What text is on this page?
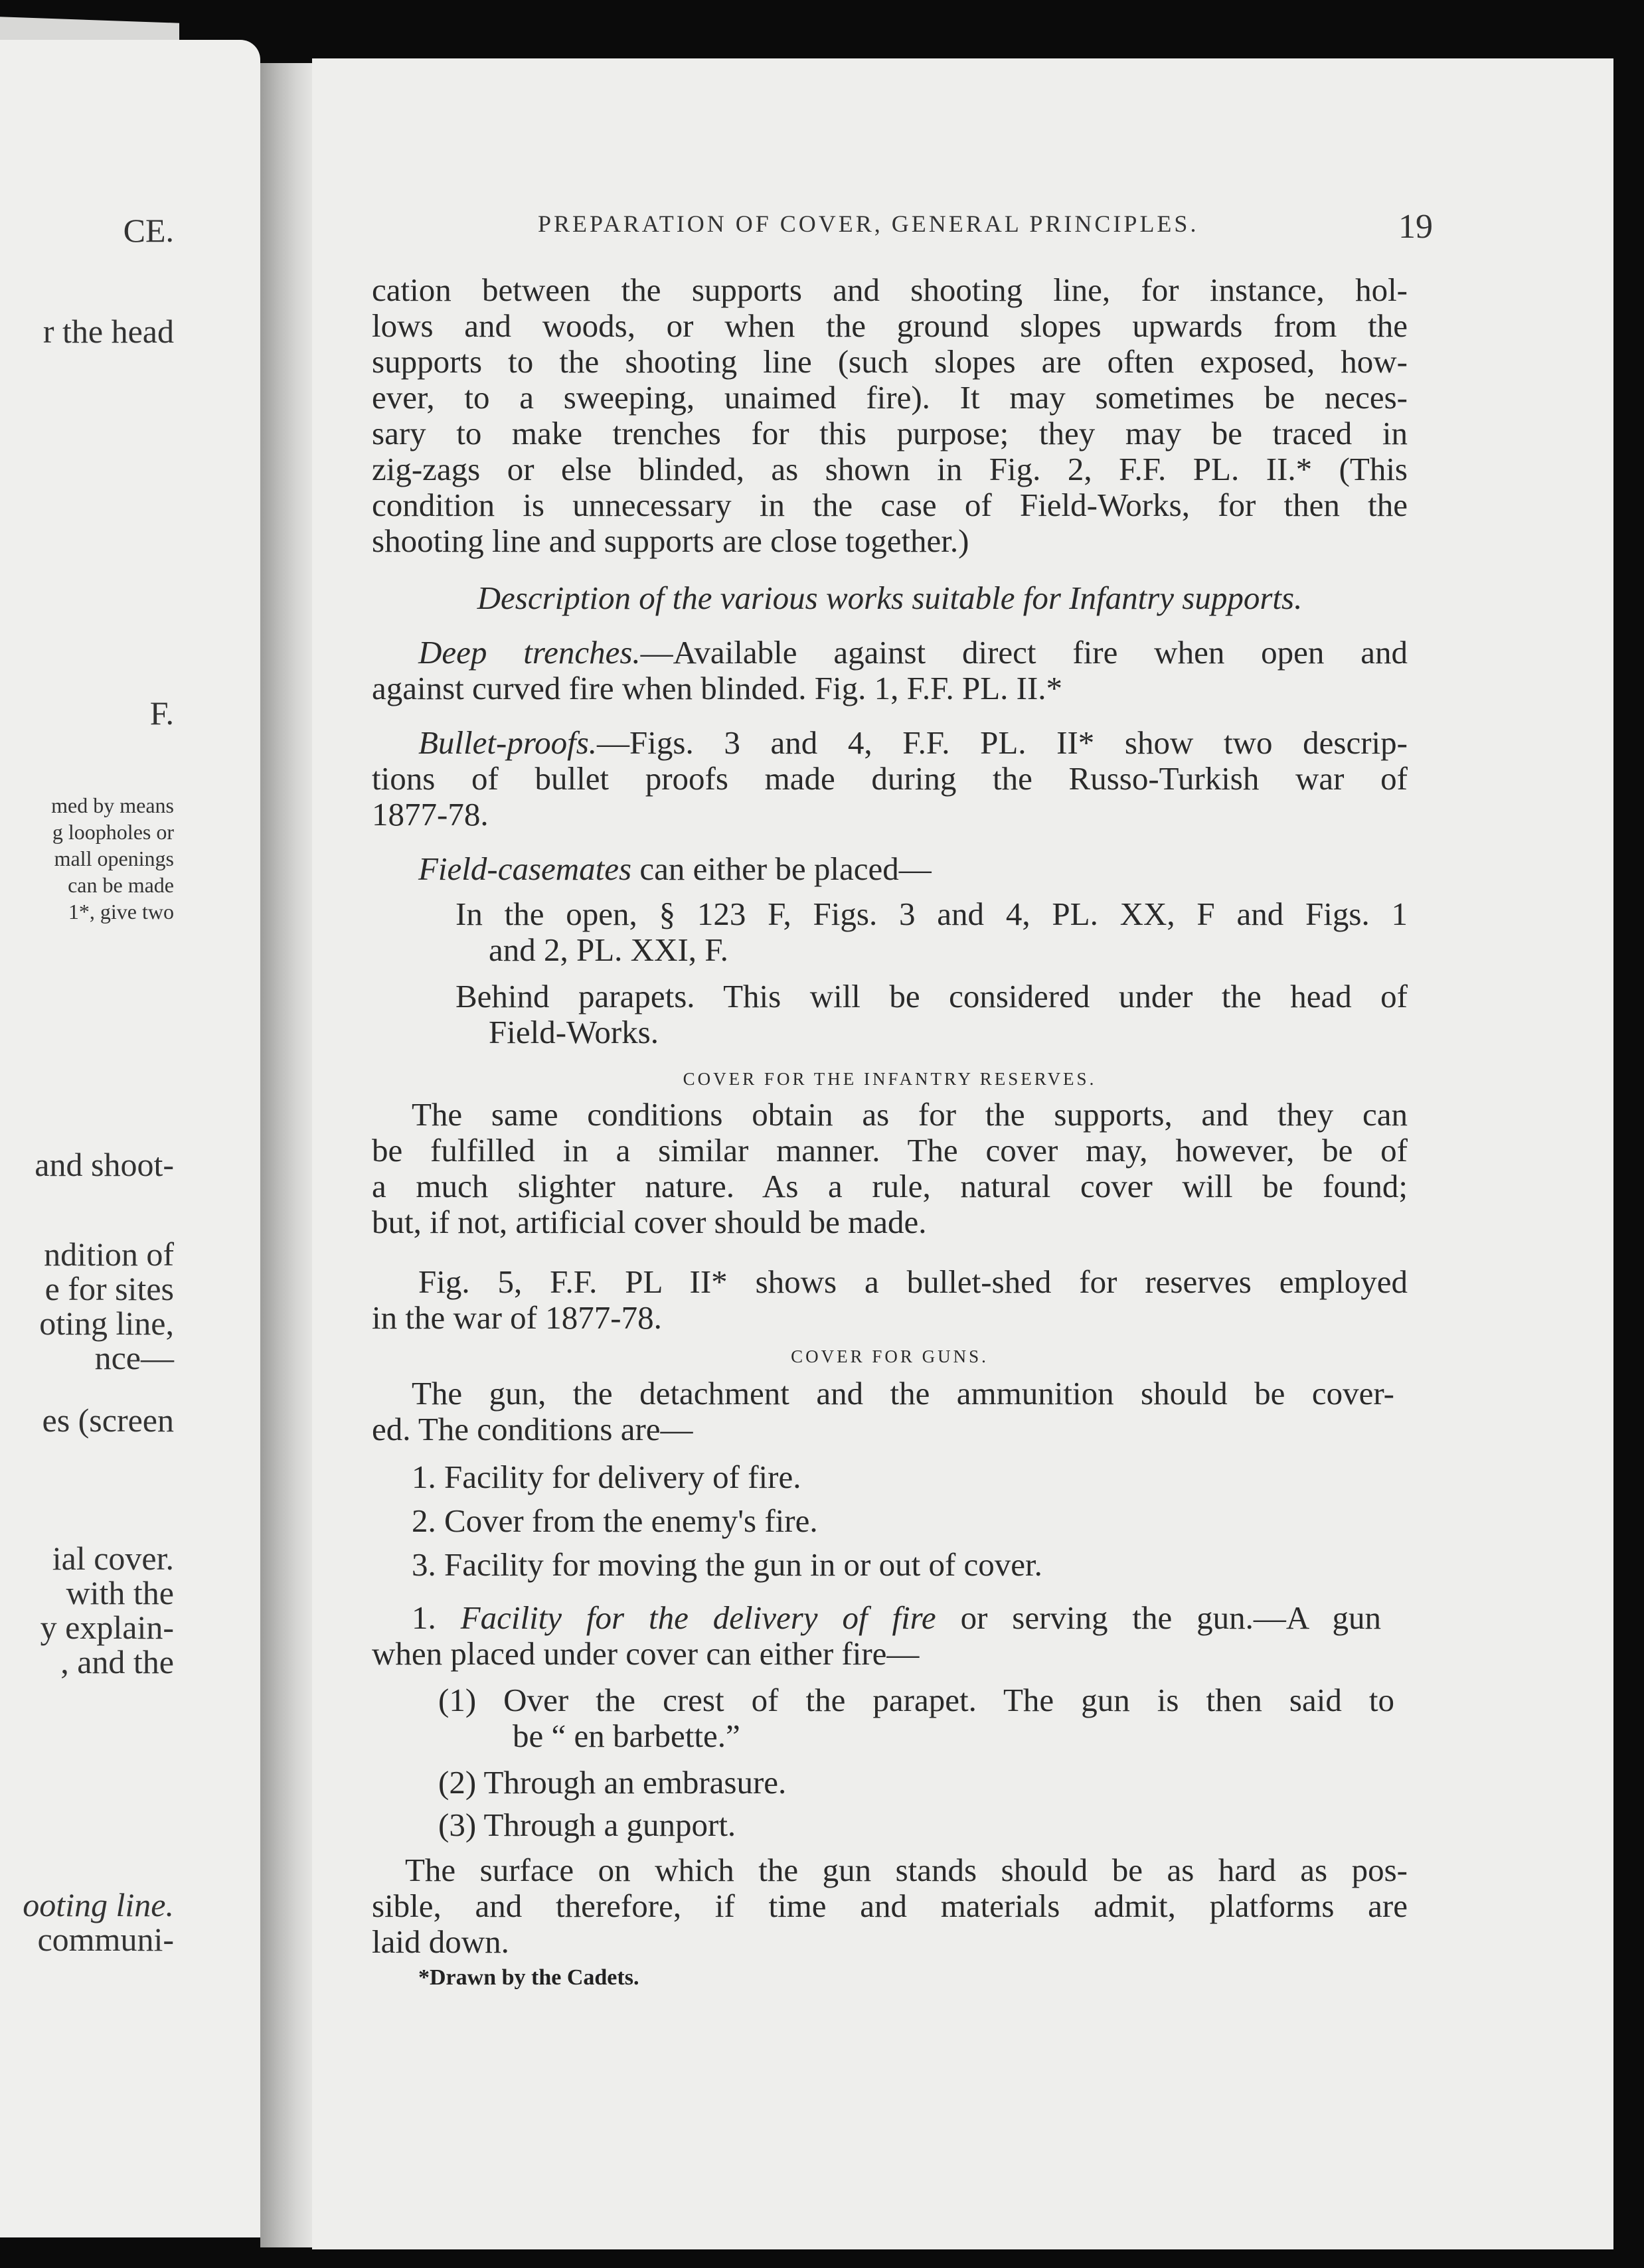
CE.
r the head
F.
med by means
g loopholes or
mall openings
can be made
1*, give two
and shoot-
ndition of
e for sites
oting line,
nce—
es (screen
ial cover.
with the
y explain-
, and the
ooting line.
communi-
PREPARATION OF COVER, GENERAL PRINCIPLES.	19
cation between the supports and shooting line, for instance, hol-
lows and woods, or when the ground slopes upwards from the
supports to the shooting line (such slopes are often exposed, how-
ever, to a sweeping, unaimed fire). It may sometimes be neces-
sary to make trenches for this purpose; they may be traced in
zig-zags or else blinded, as shown in Fig. 2, F.F. PL. II.* (This
condition is unnecessary in the case of Field-Works, for then the
shooting line and supports are close together.)
Description of the various works suitable for Infantry supports.
Deep trenches.—Available against direct fire when open and
against curved fire when blinded. Fig. 1, F.F. PL. II.*
Bullet-proofs.—Figs. 3 and 4, F.F. PL. II* show two descrip-
tions of bullet proofs made during the Russo-Turkish war of
1877-78.
Field-casemates can either be placed—
In the open, § 123 F, Figs. 3 and 4, PL. XX, F and Figs. 1
and 2, PL. XXI, F.
Behind parapets. This will be considered under the head of
Field-Works.
COVER FOR THE INFANTRY RESERVES.
The same conditions obtain as for the supports, and they can
be fulfilled in a similar manner. The cover may, however, be of
a much slighter nature. As a rule, natural cover will be found;
but, if not, artificial cover should be made.
Fig. 5, F.F. PL II* shows a bullet-shed for reserves employed
in the war of 1877-78.
COVER FOR GUNS.
The gun, the detachment and the ammunition should be cover-
ed. The conditions are—
1. Facility for delivery of fire.
2. Cover from the enemy's fire.
3. Facility for moving the gun in or out of cover.
1. Facility for the delivery of fire or serving the gun.—A gun
when placed under cover can either fire—
(1) Over the crest of the parapet. The gun is then said to
be “ en barbette.”
(2) Through an embrasure.
(3) Through a gunport.
The surface on which the gun stands should be as hard as pos-
sible, and therefore, if time and materials admit, platforms are
laid down.
*Drawn by the Cadets.
